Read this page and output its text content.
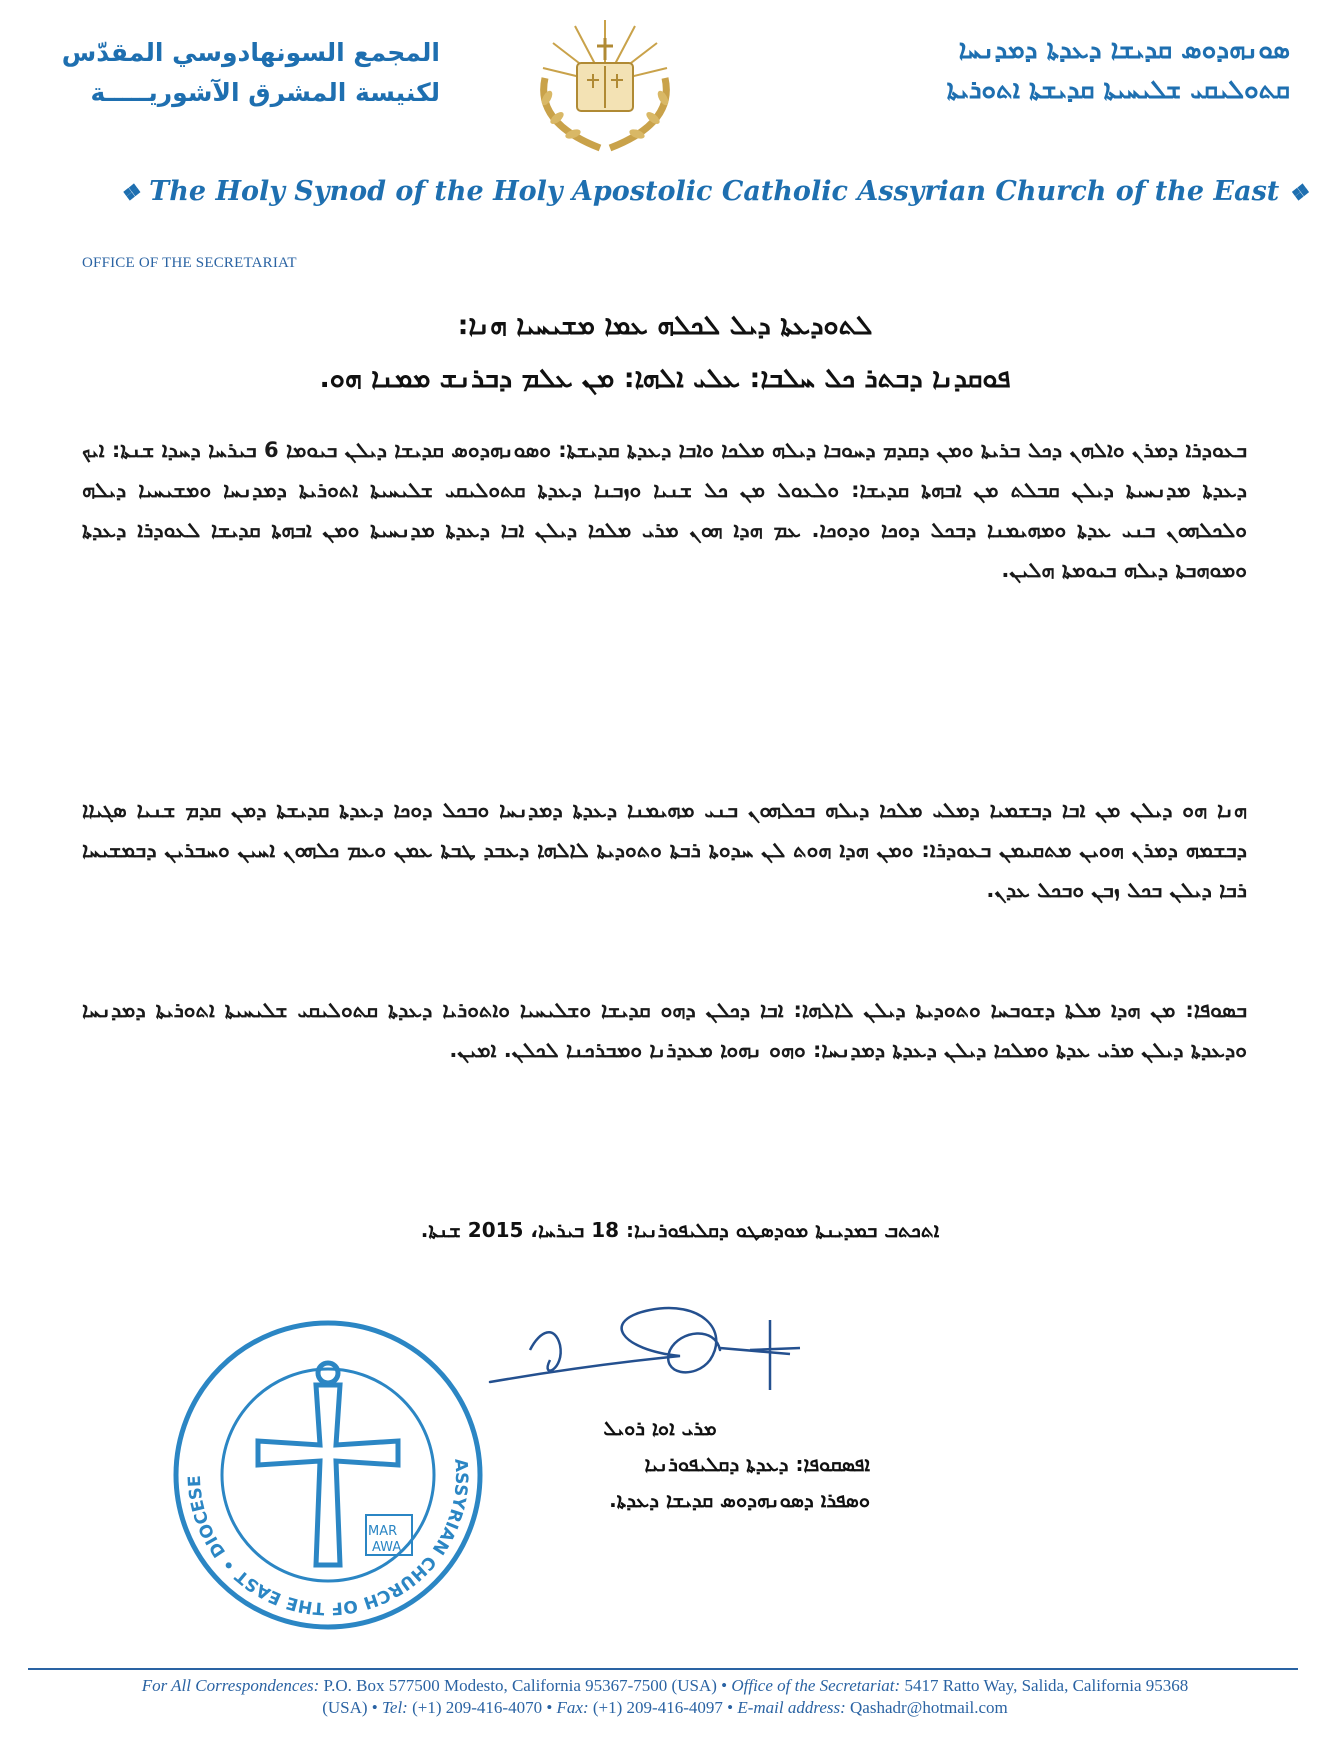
المجمع السونهادوسي المقدّس
لكنيسة المشرق الآشوريـــــة
ܣܘܢܗܕܘܣ ܩܕܝܫܐ ܕܥܕܬܐ ܕܡܕܢܚܐ
ܩܬܘܠܝܩܝ ܫܠܝܚܝܬܐ ܩܕܝܫܬܐ ܐܬܘܪܝܬܐ
❖ The Holy Synod of the Holy Apostolic Catholic Assyrian Church of the East ❖
OFFICE OF THE SECRETARIAT
ܠܬܘܕܥܬܐ ܕܝܠ ܠܟܠܗ ܥܡܐ ܡܫܝܚܝܐ ܗܢܐ:
ܦܘܩܕܢܐ ܕܒܬܪ ܟܠ ܚܠܒܐ: ܥܠܝ ܐܠܗܐ: ܡܢ ܥܠܡ ܕܒܪܢܫ ܡܡܢܐ ܗܘ.
ܒܥܘܕܪܐ ܕܡܪܢ ܘܐܠܗܢ ܕܟܠ ܒܪܝܬܐ ܘܡܢ ܕܩܕܡ ܕܚܘܒܐ ܕܝܠܗ ܡܠܟܐ ܘܐܒܐ ܕܥܕܬܐ ܩܕܝܫܬܐ: ܘܣܘܢܗܕܘܣ ܩܕܝܫܐ ܕܝܠܢ ܒܝܘܡܐ 6 ܒܝܪܚܐ ܕܚܕܐ ܫܢܬܐ: ܐܝܟ ܕܥܕܬܐ ܡܕܢܚܝܬܐ ܕܝܠܢ ܩܒܠܬ ܡܢ ܐܒܗܬܐ ܩܕܝܫܐ: ܘܠܥܘܠ ܡܢ ܟܠ ܫܢܝܐ ܘܙܒܢܐ ܕܥܕܬܐ ܩܬܘܠܝܩܝ ܫܠܝܚܝܬܐ ܐܬܘܪܝܬܐ ܕܡܕܢܚܐ ܘܡܫܝܚܝܐ ܕܝܠܗ ܘܠܟܠܗܘܢ ܒܢܝ ܥܕܬܐ ܘܡܗܝܡܢܐ ܕܒܟܠ ܕܘܟܐ ܘܕܘܟܐ. ܥܡ ܗܕܐ ܗܘܢ ܡܪܝ ܡܠܟܐ ܕܝܠܢ ܐܒܐ ܕܥܕܬܐ ܡܕܢܚܝܬܐ ܘܡܢ ܐܒܗܬܐ ܩܕܝܫܐ ܠܥܘܕܪܐ ܕܥܕܬܐ ܘܡܘܗܒܬܐ ܕܝܠܗ ܒܝܘܡܬܐ ܗܠܝܢ.
ܗܢܐ ܗܘ ܕܝܠܢ ܡܢ ܐܒܐ ܕܒܫܡܝܐ ܕܡܠܝ ܡܠܟܐ ܕܝܠܗ ܒܟܠܗܘܢ ܒܢܝ ܡܗܝܡܢܐ ܕܥܕܬܐ ܕܡܕܢܚܐ ܘܒܟܠ ܕܘܟܐ ܕܥܕܬܐ ܩܕܝܫܬܐ ܕܡܢ ܩܕܡ ܫܢܝܐ ܣܓܝܐܐ ܕܒܫܡܗ ܕܡܪܢ ܗܘܝܢ ܡܬܩܝܡܢ ܒܥܘܕܪܐ: ܘܡܢ ܗܕܐ ܗܘܬ ܠܢ ܚܕܘܬܐ ܪܒܬܐ ܘܬܘܕܝܬܐ ܠܐܠܗܐ ܕܥܒܕ ܛܒܬܐ ܥܡܢ ܘܥܡ ܟܠܗܘܢ ܐܚܝܢ ܘܚܒܪܝܢ ܕܒܡܫܝܚܐ ܪܒܐ ܕܝܠܢ ܒܟܠ ܙܒܢ ܘܒܟܠ ܥܕܢ.
ܒܣܘܦܐ: ܡܢ ܗܕܐ ܡܠܬܐ ܕܫܘܒܚܐ ܘܬܘܕܝܬܐ ܕܝܠܢ ܠܐܠܗܐ: ܐܒܐ ܕܟܠܢ ܕܗܘ ܩܕܝܫܐ ܘܫܠܝܚܝܐ ܘܐܬܘܪܝܐ ܕܥܕܬܐ ܩܬܘܠܝܩܝ ܫܠܝܚܝܬܐ ܐܬܘܪܝܬܐ ܕܡܕܢܚܐ ܘܕܥܕܬܐ ܕܝܠܢ ܡܪܝ ܥܕܬܐ ܘܡܠܟܐ ܕܝܠܢ ܕܥܕܬܐ ܕܡܕܢܚܐ: ܘܗܘ ܢܗܘܐ ܡܥܕܪܢܐ ܘܡܒܪܟܢܐ ܠܟܠܢ. ܐܡܝܢ.
ܐܬܟܬܒ ܒܡܕܝܢܬܐ ܡܘܕܣܛܘ ܕܩܠܝܦܘܪܢܝܐ: 18 ܒܝܪܚܐ، 2015 ܫܢܬܐ.
ASSYRIAN CHURCH OF THE EAST • DIOCESE
MAR
AWA
ܡܪܝ ܐܘܐ ܪܘܝܠ
ܐܦܣܩܘܦܐ: ܕܥܕܬܐ ܕܩܠܝܦܘܪܢܝܐ
ܘܣܦܪܐ ܕܣܘܢܗܕܘܣ ܩܕܝܫܐ ܕܥܕܬܐ.
For All Correspondences: P.O. Box 577500 Modesto, California 95367-7500 (USA) • Office of the Secretariat: 5417 Ratto Way, Salida, California 95368
(USA) • Tel: (+1) 209-416-4070 • Fax: (+1) 209-416-4097 • E-mail address: Qashadr@hotmail.com
